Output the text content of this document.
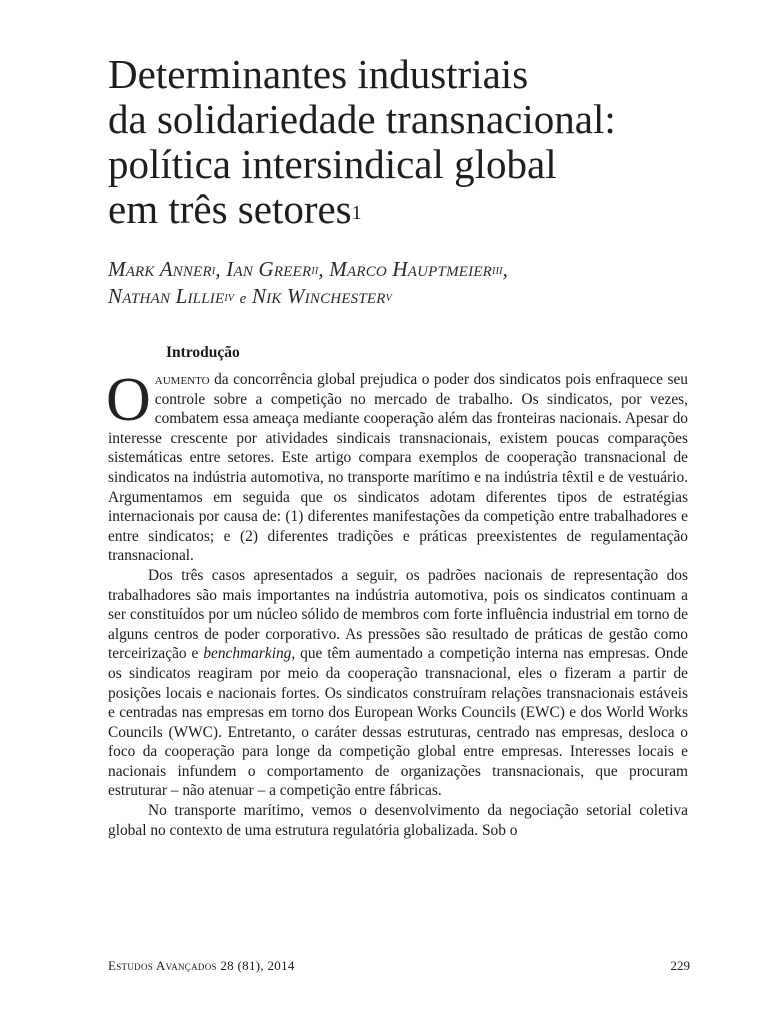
Determinantes industriais
da solidariedade transnacional:
política intersindical global
em três setores$^1$
Mark Anner$^I$, Ian Greer$^{II}$, Marco Hauptmeier$^{III}$,
Nathan Lillie$^{IV}$ e Nik Winchester$^V$
Introdução

Oaumento da concorrência global prejudica o poder dos sindicatos pois enfraquece seu controle sobre a competição no mercado de trabalho. Os sindicatos, por vezes, combatem essa ameaça mediante cooperação além das fronteiras nacionais. Apesar do interesse crescente por atividades sindicais transnacionais, existem poucas comparações sistemáticas entre setores. Este artigo compara exemplos de cooperação transnacional de sindicatos na indústria automotiva, no transporte marítimo e na indústria têxtil e de vestuário. Argumentamos em seguida que os sindicatos adotam diferentes tipos de estratégias internacionais por causa de: (1) diferentes manifestações da competição entre trabalhadores e entre sindicatos; e (2) diferentes tradições e práticas preexistentes de regulamentação transnacional.

Dos três casos apresentados a seguir, os padrões nacionais de representação dos trabalhadores são mais importantes na indústria automotiva, pois os sindicatos continuam a ser constituídos por um núcleo sólido de membros com forte influência industrial em torno de alguns centros de poder corporativo. As pressões são resultado de práticas de gestão como terceirização e benchmarking, que têm aumentado a competição interna nas empresas. Onde os sindicatos reagiram por meio da cooperação transnacional, eles o fizeram a partir de posições locais e nacionais fortes. Os sindicatos construíram relações transnacionais estáveis e centradas nas empresas em torno dos European Works Councils (EWC) e dos World Works Councils (WWC). Entretanto, o caráter dessas estruturas, centrado nas empresas, desloca o foco da cooperação para longe da competição global entre empresas. Interesses locais e nacionais infundem o comportamento de organizações transnacionais, que procuram estruturar – não atenuar – a competição entre fábricas.

No transporte marítimo, vemos o desenvolvimento da negociação setorial coletiva global no contexto de uma estrutura regulatória globalizada. Sob o

Estudos Avançados 28 (81), 2014	229
